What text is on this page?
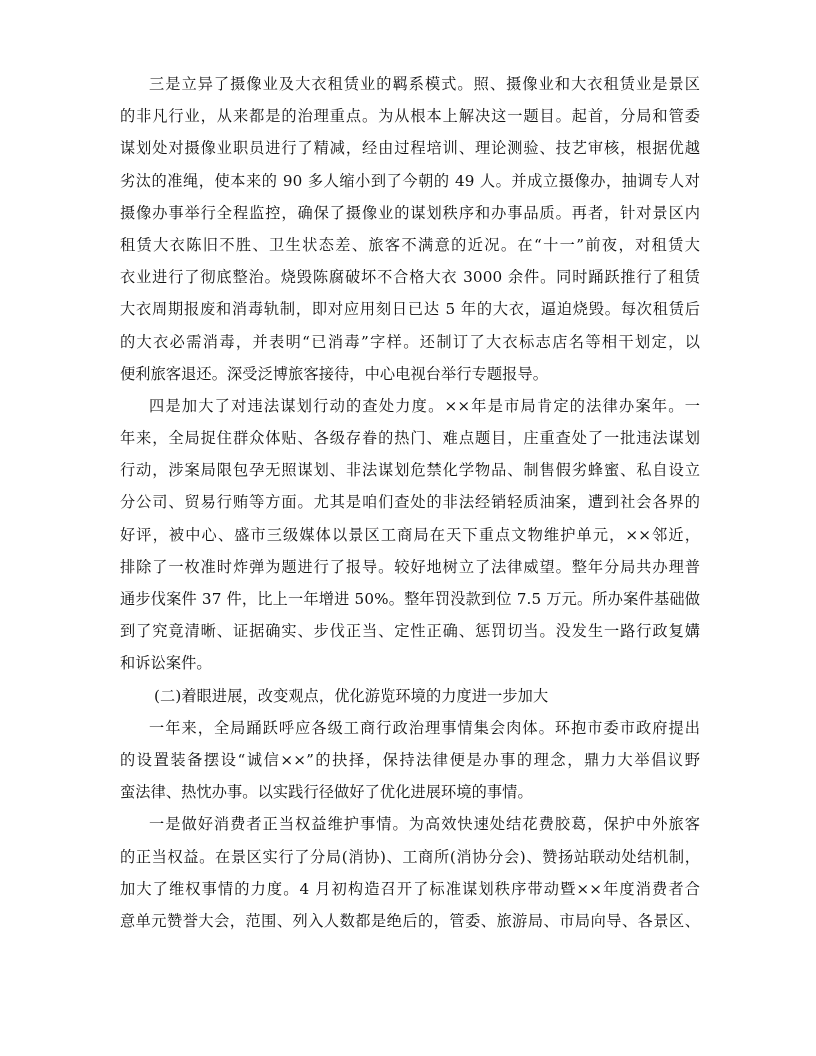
三是立异了摄像业及大衣租赁业的羁系模式。照、摄像业和大衣租赁业是景区
的非凡行业，从来都是的治理重点。为从根本上解决这一题目。起首，分局和管委
谋划处对摄像业职员进行了精减，经由过程培训、理论测验、技艺审核，根据优越
劣汰的准绳，使本来的 90 多人缩小到了今朝的 49 人。并成立摄像办，抽调专人对
摄像办事举行全程监控，确保了摄像业的谋划秩序和办事品质。再者，针对景区内
租赁大衣陈旧不胜、卫生状态差、旅客不满意的近况。在“十一”前夜，对租赁大
衣业进行了彻底整治。烧毁陈腐破坏不合格大衣 3000 余件。同时踊跃推行了租赁
大衣周期报废和消毒轨制，即对应用刻日已达 5 年的大衣，逼迫烧毁。每次租赁后
的大衣必需消毒，并表明“已消毒”字样。还制订了大衣标志店名等相干划定，以
便利旅客退还。深受泛博旅客接待，中心电视台举行专题报导。
四是加大了对违法谋划行动的查处力度。××年是市局肯定的法律办案年。一
年来，全局捉住群众体贴、各级存眷的热门、难点题目，庄重查处了一批违法谋划
行动，涉案局限包孕无照谋划、非法谋划危禁化学物品、制售假劣蜂蜜、私自设立
分公司、贸易行贿等方面。尤其是咱们查处的非法经销轻质油案，遭到社会各界的
好评，被中心、盛市三级媒体以景区工商局在天下重点文物维护单元，××邻近，
排除了一枚准时炸弹为题进行了报导。较好地树立了法律威望。整年分局共办理普
通步伐案件 37 件，比上一年增进 50%。整年罚没款到位 7.5 万元。所办案件基础做
到了究竟清晰、证据确实、步伐正当、定性正确、惩罚切当。没发生一路行政复媾
和诉讼案件。
(二)着眼进展，改变观点，优化游览环境的力度进一步加大
一年来，全局踊跃呼应各级工商行政治理事情集会肉体。环抱市委市政府提出
的设置装备摆设“诚信××”的抉择，保持法律便是办事的理念，鼎力大举倡议野
蛮法律、热忱办事。以实践行径做好了优化进展环境的事情。
一是做好消费者正当权益维护事情。为高效快速处结花费胶葛，保护中外旅客
的正当权益。在景区实行了分局(消协)、工商所(消协分会)、赞扬站联动处结机制，
加大了维权事情的力度。4 月初构造召开了标准谋划秩序带动暨××年度消费者合
意单元赞誉大会，范围、列入人数都是绝后的，管委、旅游局、市局向导、各景区、
